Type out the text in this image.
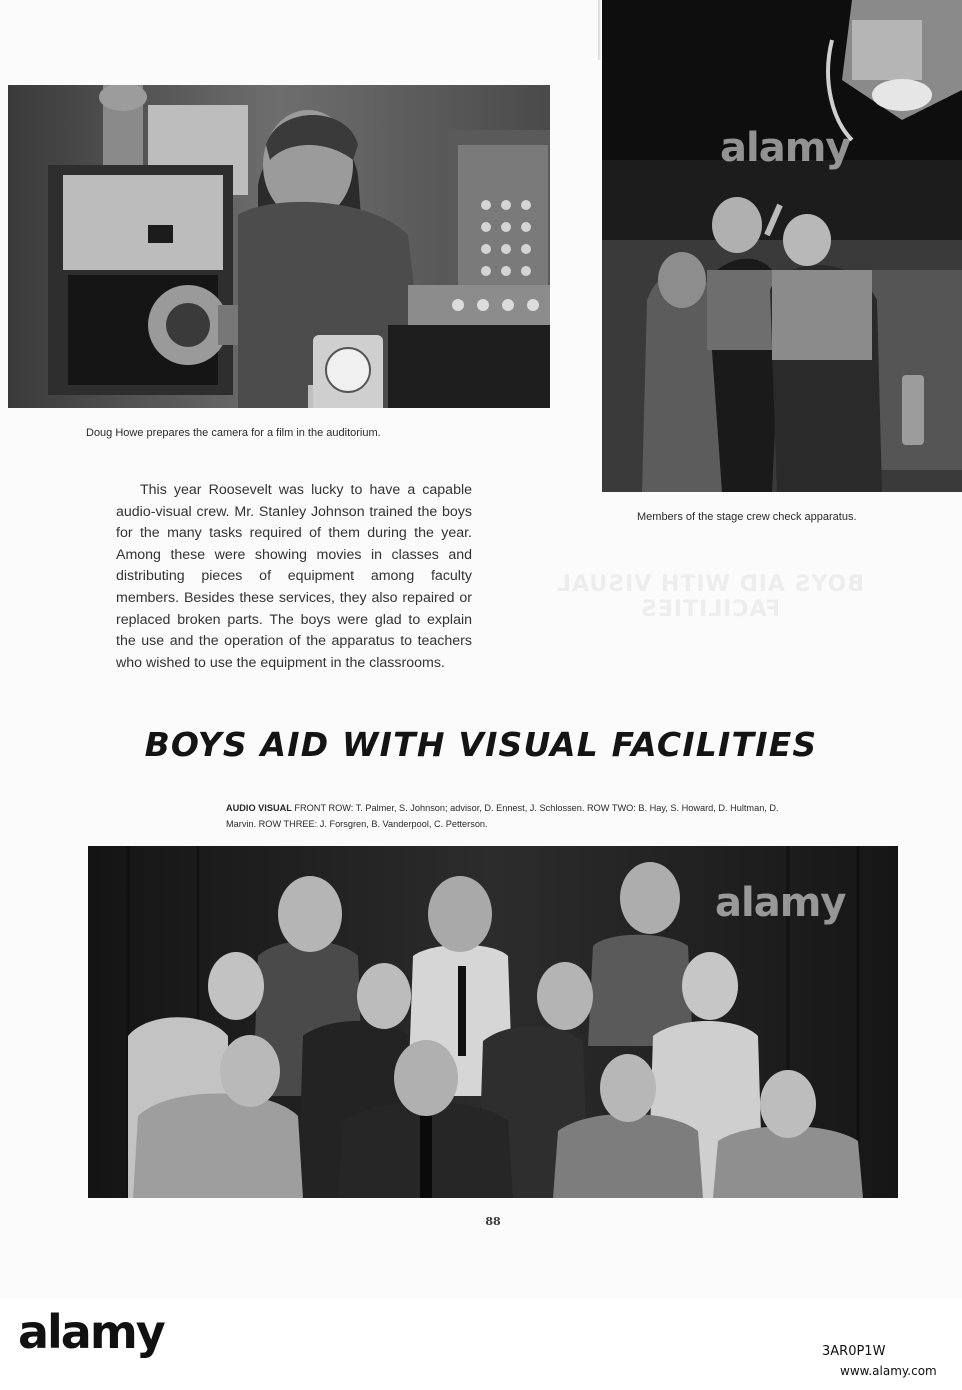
alamy
Doug Howe prepares the camera for a film in the auditorium.
Members of the stage crew check apparatus.
BOYS AID WITH VISUAL FACILITIES

This year Roosevelt was lucky to have a capable audio-visual crew. Mr. Stanley Johnson trained the boys for the many tasks required of them during the year. Among these were showing movies in classes and distributing pieces of equipment among faculty members. Besides these services, they also repaired or replaced broken parts. The boys were glad to explain the use and the operation of the apparatus to teachers who wished to use the equipment in the classrooms.

BOYS AID WITH VISUAL FACILITIES

AUDIO VISUAL FRONT ROW: T. Palmer, S. Johnson; advisor, D. Ennest, J. Schlossen. ROW TWO: B. Hay, S. Howard, D. Hultman, D. Marvin. ROW THREE: J. Forsgren, B. Vanderpool, C. Petterson.

alamy
88

alamy	3AR0P1W
www.alamy.com
